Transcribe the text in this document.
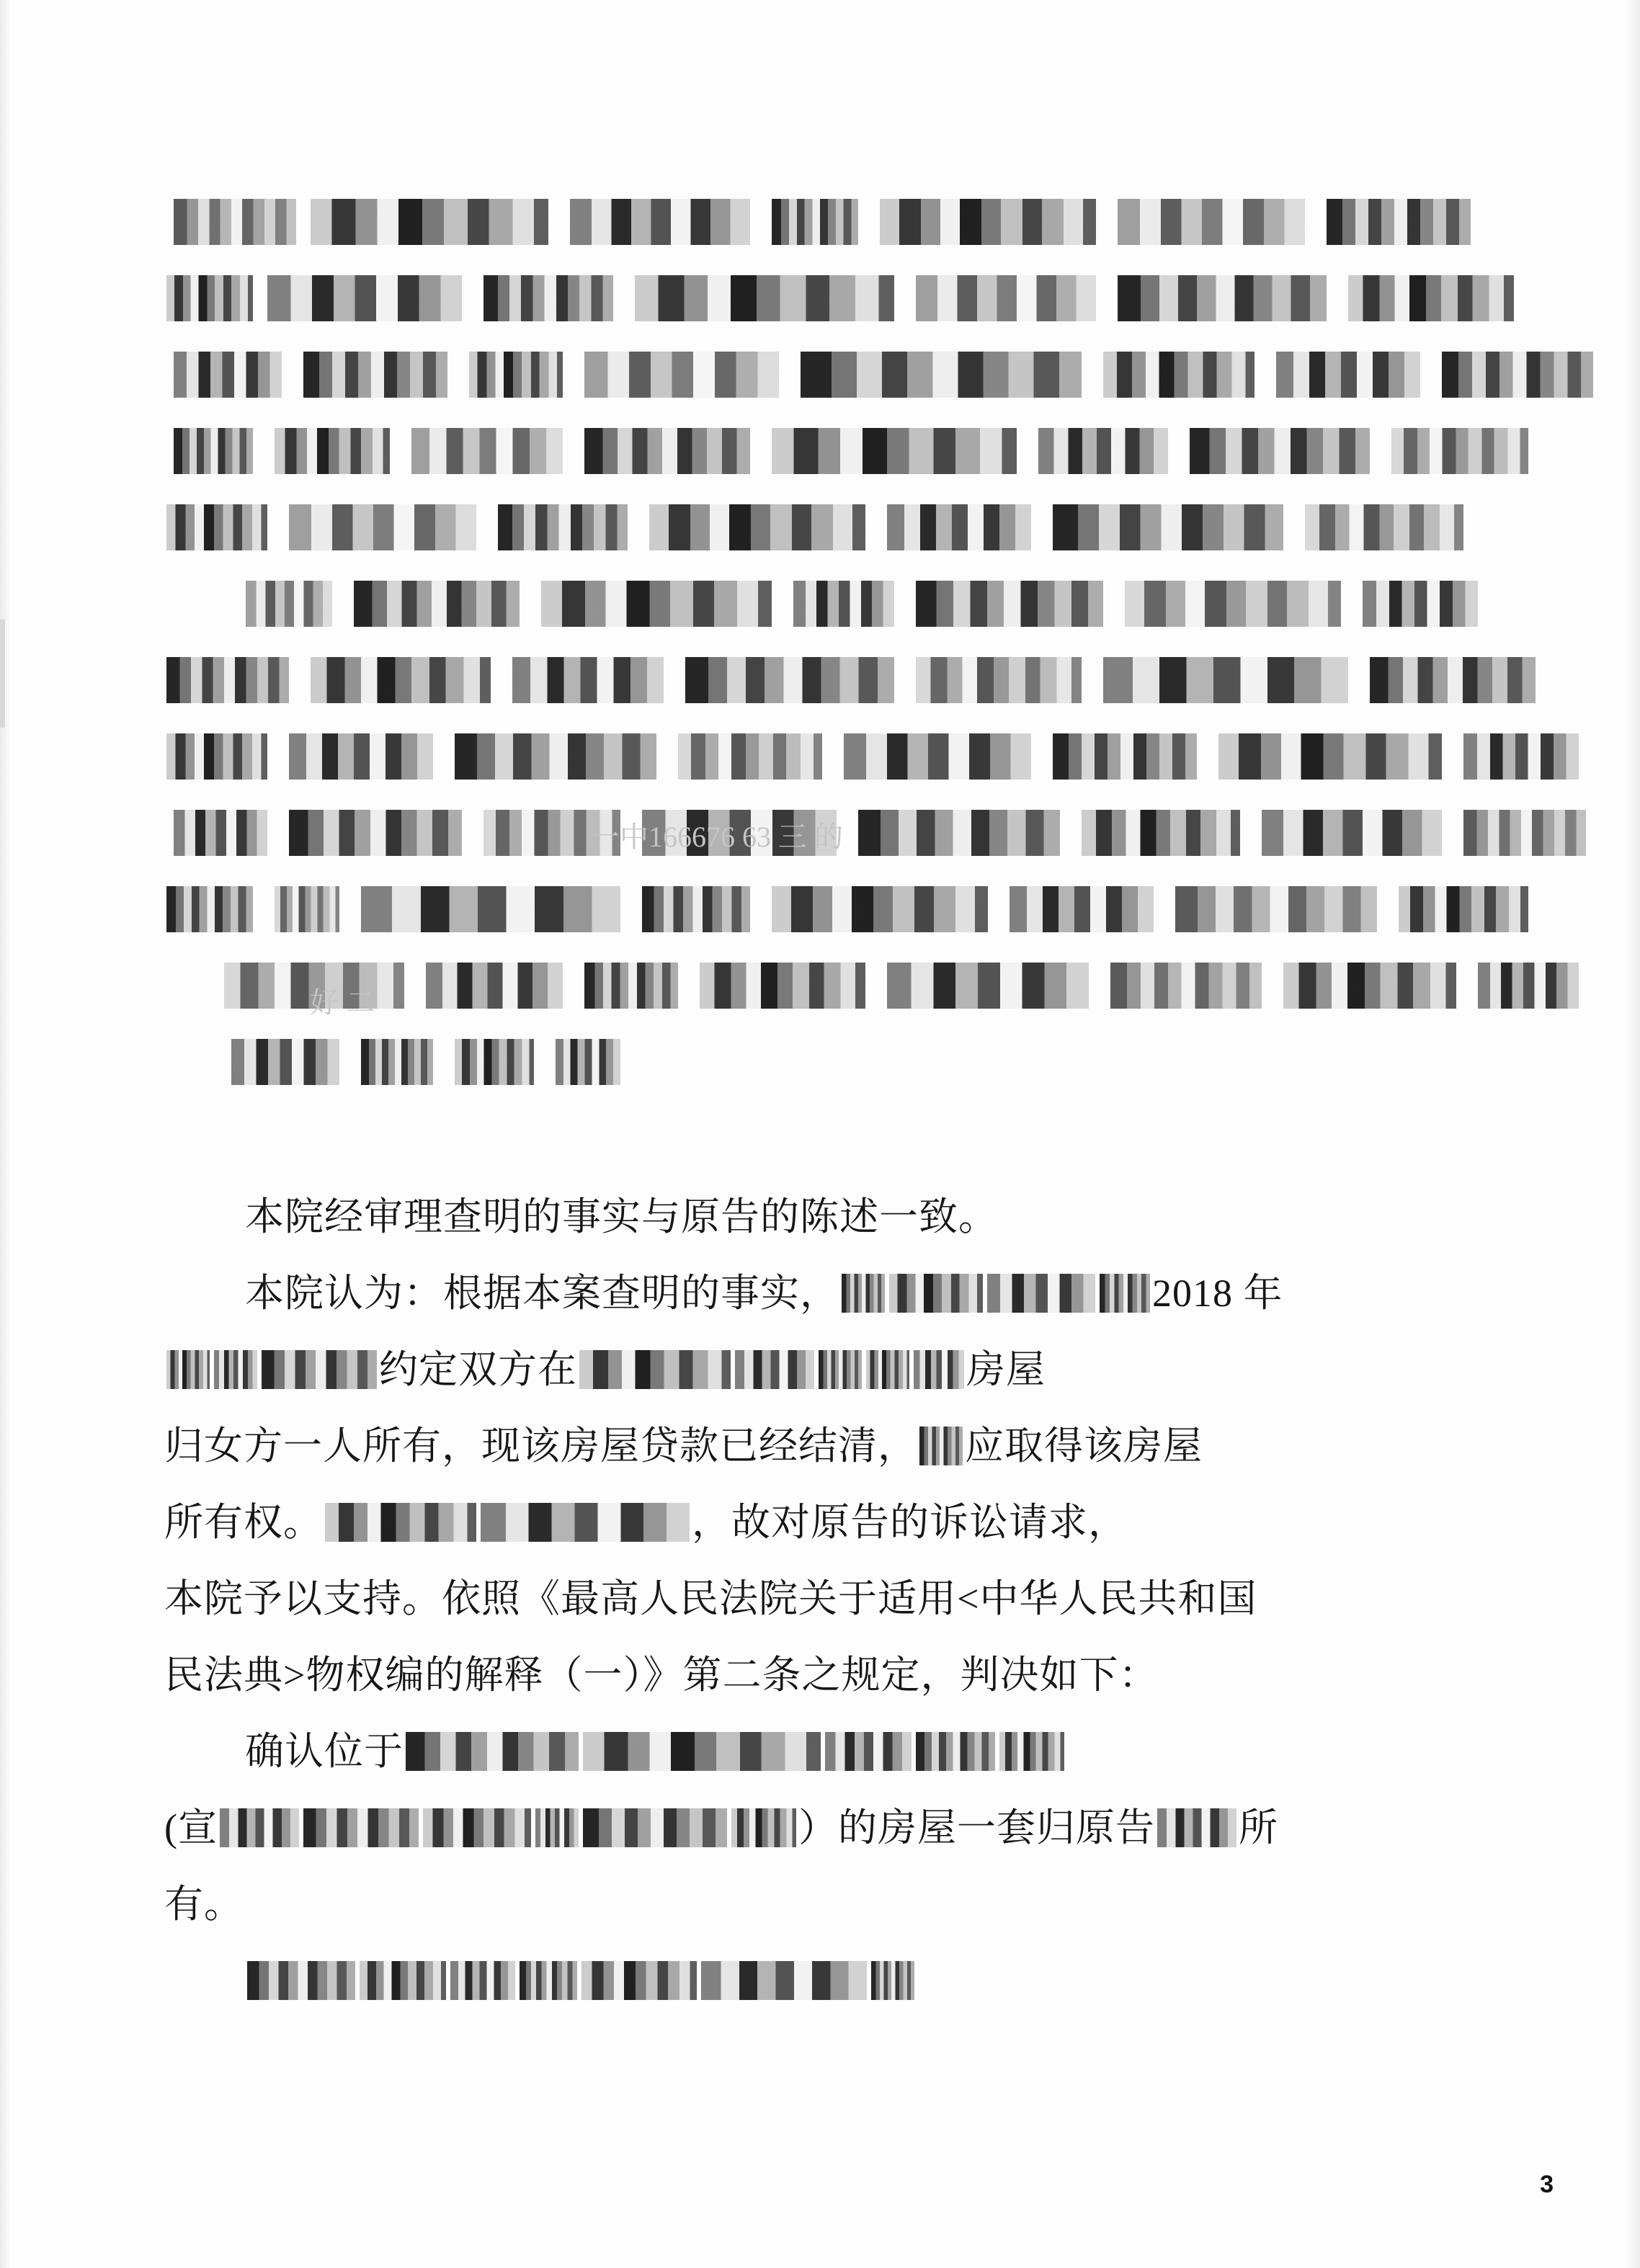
一中166676 63 三 的
好 二
本院经审理查明的事实与原告的陈述一致。
本院认为：根据本案查明的事实，	2018 年
约定双方在	房屋
归女方一人所有，现该房屋贷款已经结清， 应取得该房屋
所有权。	，故对原告的诉讼请求，
本院予以支持。依照《最高人民法院关于适用<中华人民共和国
民法典>物权编的解释（一）》第二条之规定，判决如下：
确认位于
(宣	）的房屋一套归原告 所
有。
3
